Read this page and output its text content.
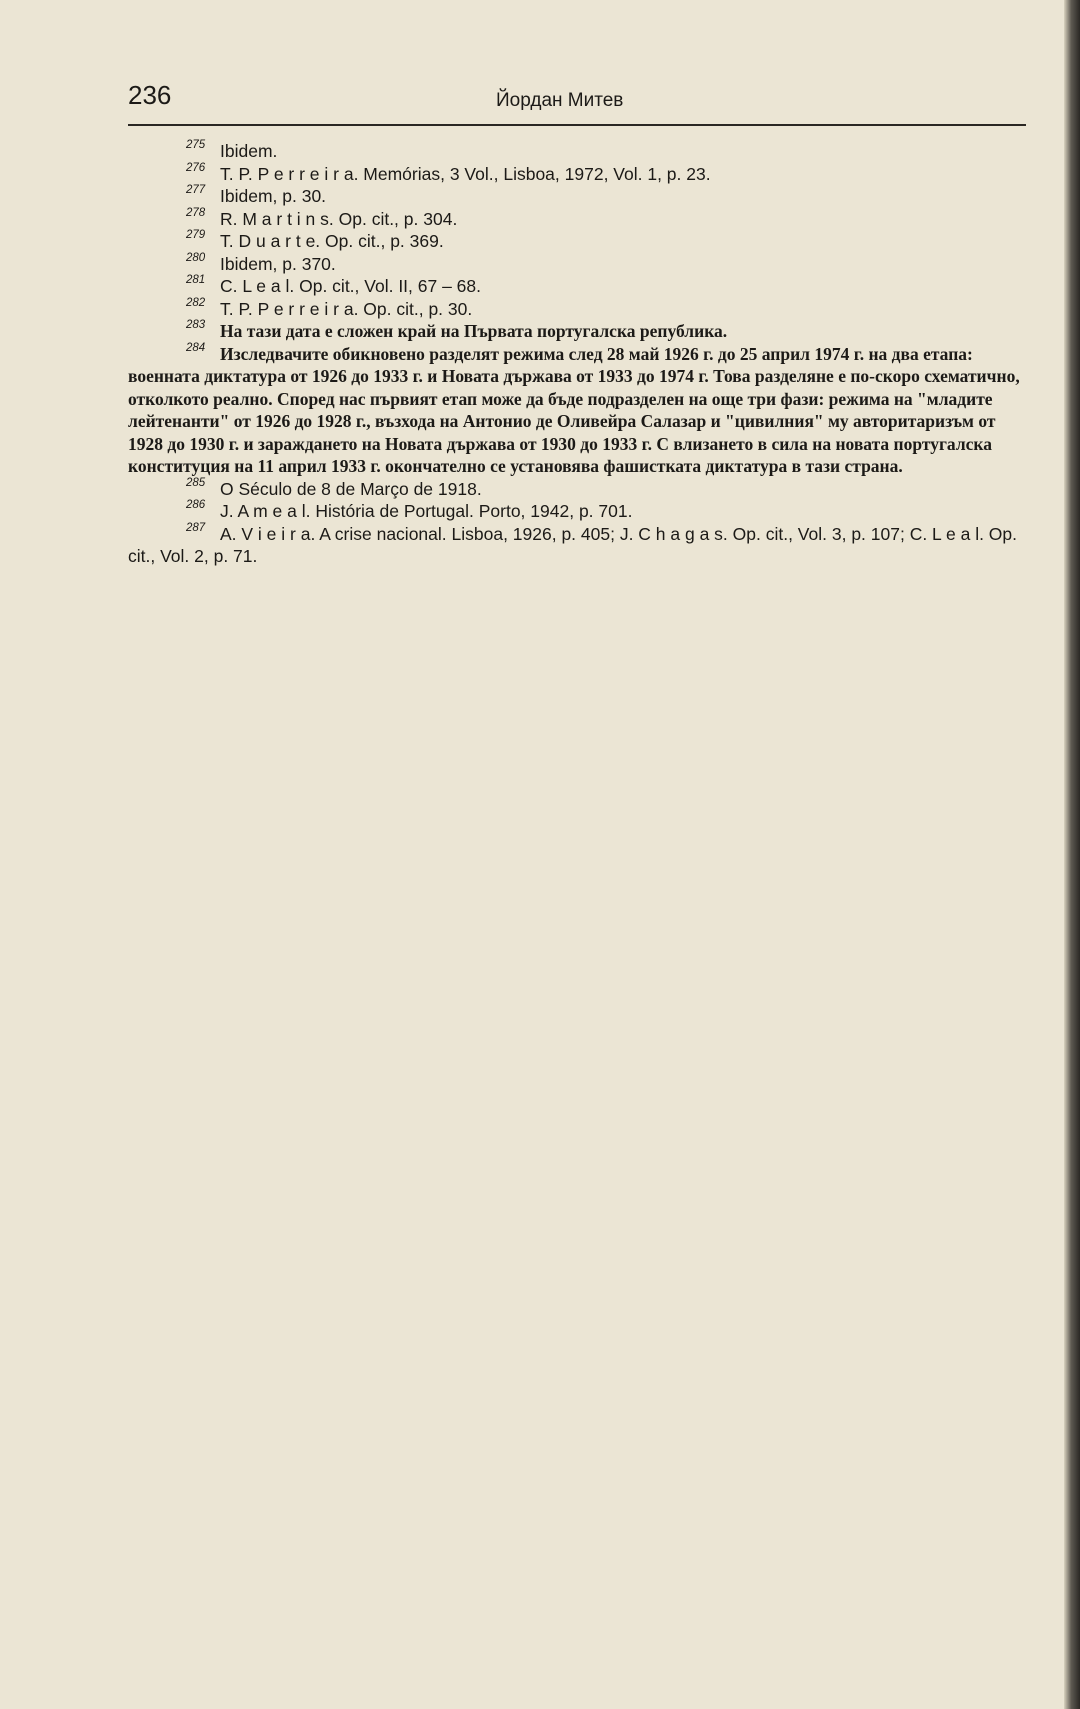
236	Йордан Митев

275 Ibidem.

276 T. P. P e r r e i r a. Memórias, 3 Vol., Lisboa, 1972, Vol. 1, p. 23.

277 Ibidem, p. 30.

278 R. M a r t i n s. Op. cit., p. 304.

279 T. D u a r t e. Op. cit., p. 369.

280 Ibidem, p. 370.

281 C. L e a l. Op. cit., Vol. II, 67 – 68.

282 T. P. P e r r e i r a. Op. cit., p. 30.

283 На тази дата е сложен край на Първата португалска република.

284 Изследвачите обикновено разделят режима след 28 май 1926 г. до 25 април 1974 г. на два етапа: военната диктатура от 1926 до 1933 г. и Новата държава от 1933 до 1974 г. Това разделяне е по-скоро схематично, отколкото реално. Според нас първият етап може да бъде подразделен на още три фази: режима на "младите лейтенанти" от 1926 до 1928 г., възхода на Антонио де Оливейра Салазар и "цивилния" му авторитаризъм от 1928 до 1930 г. и зараждането на Новата държава от 1930 до 1933 г. С влизането в сила на новата португалска конституция на 11 април 1933 г. окончателно се установява фашистката диктатура в тази страна.

285 O Século de 8 de Março de 1918.

286 J. A m e a l. História de Portugal. Porto, 1942, p. 701.

287 A. V i e i r a. A crise nacional. Lisboa, 1926, p. 405; J. C h a g a s. Op. cit., Vol. 3, p. 107; C. L e a l. Op. cit., Vol. 2, p. 71.
